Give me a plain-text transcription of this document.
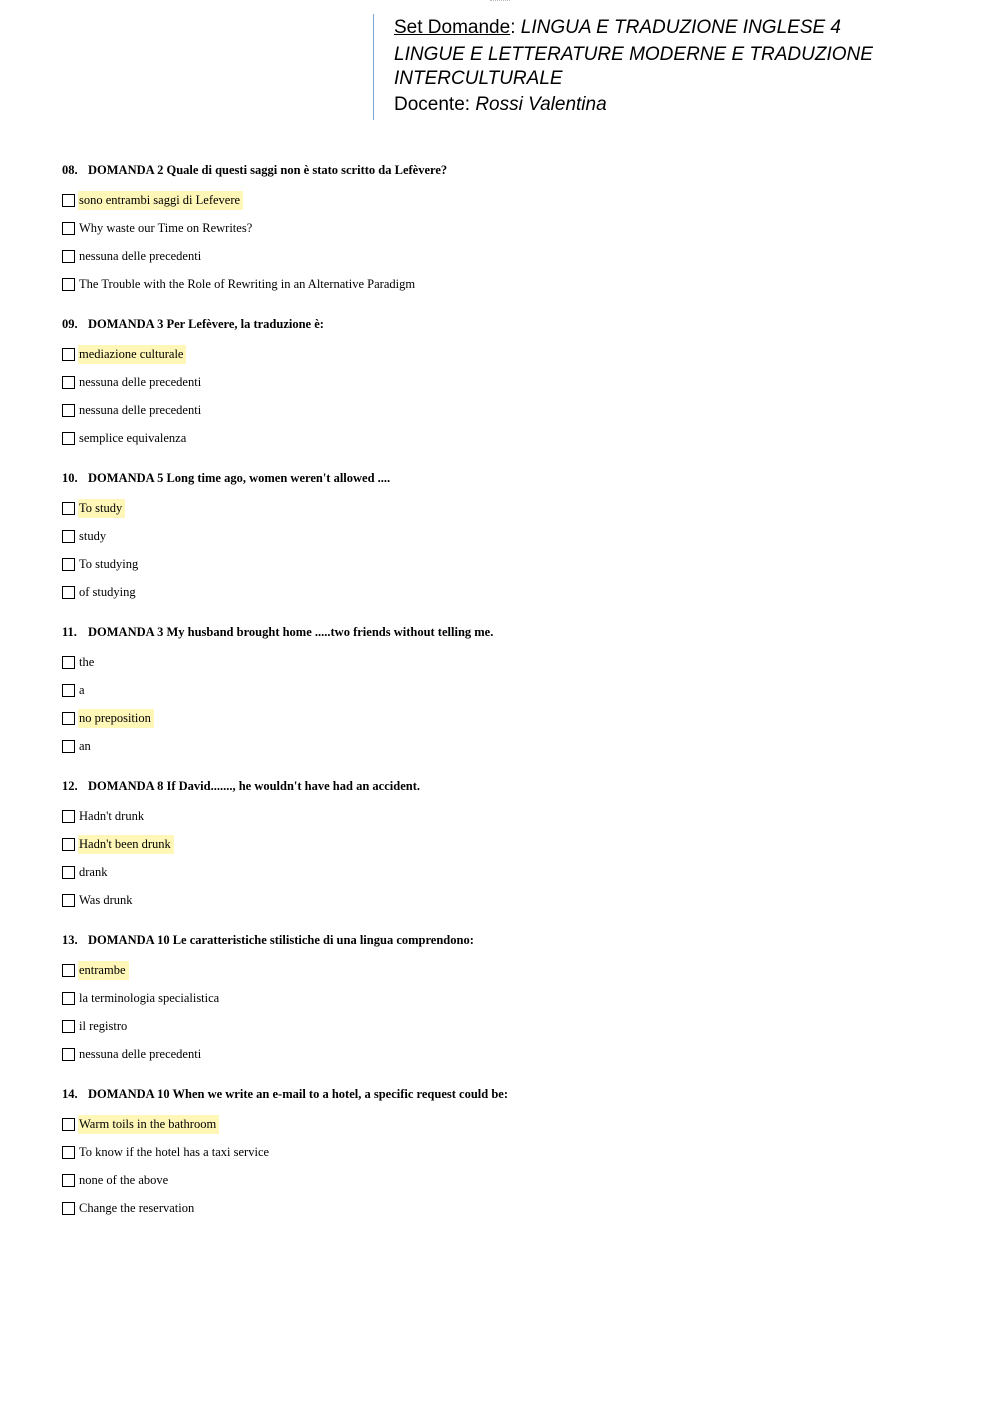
Set Domande: LINGUA E TRADUZIONE INGLESE 4
LINGUE E LETTERATURE MODERNE E TRADUZIONE INTERCULTURALE
Docente: Rossi Valentina
08. DOMANDA 2 Quale di questi saggi non è stato scritto da Lefèvere?
sono entrambi saggi di Lefevere
Why waste our Time on Rewrites?
nessuna delle precedenti
The Trouble with the Role of Rewriting in an Alternative Paradigm
09. DOMANDA 3 Per Lefèvere, la traduzione è:
mediazione culturale
nessuna delle precedenti
nessuna delle precedenti
semplice equivalenza
10. DOMANDA 5 Long time ago, women weren't allowed ....
To study
study
To studying
of studying
11. DOMANDA 3 My husband brought home .....two friends without telling me.
the
a
no preposition
an
12. DOMANDA 8 If David......., he wouldn't have had an accident.
Hadn't drunk
Hadn't been drunk
drank
Was drunk
13. DOMANDA 10 Le caratteristiche stilistiche di una lingua comprendono:
entrambe
la terminologia specialistica
il registro
nessuna delle precedenti
14. DOMANDA 10 When we write an e-mail to a hotel, a specific request could be:
Warm toils in the bathroom
To know if the hotel has a taxi service
none of the above
Change the reservation
